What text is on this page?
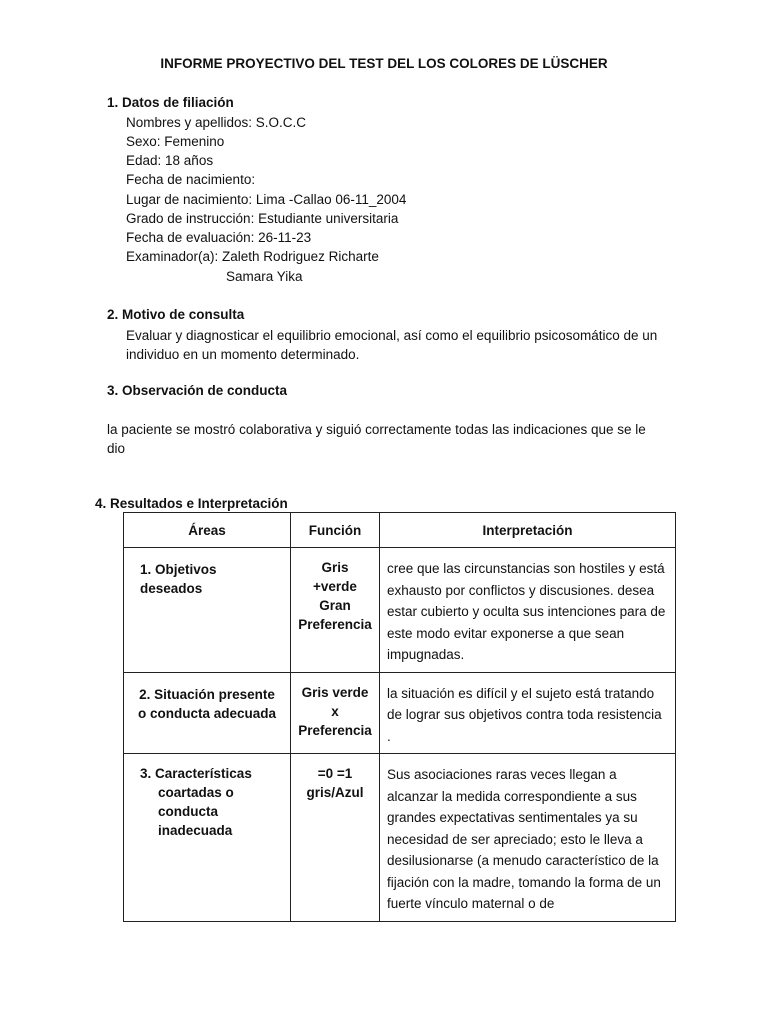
INFORME PROYECTIVO DEL TEST DEL LOS COLORES DE LÜSCHER
1. Datos de filiación
Nombres y apellidos: S.O.C.C
Sexo: Femenino
Edad: 18 años
Fecha de nacimiento:
Lugar de nacimiento: Lima -Callao 06-11_2004
Grado de instrucción: Estudiante universitaria
Fecha de evaluación: 26-11-23
Examinador(a): Zaleth Rodriguez Richarte
Samara Yika
2. Motivo de consulta
Evaluar y diagnosticar el equilibrio emocional, así como el equilibrio psicosomático de un individuo en un momento determinado.
3. Observación de conducta
la paciente se mostró colaborativa y siguió correctamente todas las indicaciones que se le dio
4. Resultados e Interpretación
Áreas	Función	Interpretación
1. Objetivos deseados	Gris
+verde
Gran
Preferencia	cree que las circunstancias son hostiles y está exhausto por conflictos y discusiones. desea estar cubierto y oculta sus intenciones para de este modo evitar exponerse a que sean impugnadas.
2. Situación presente o conducta adecuada	Gris verde
x
Preferencia	la situación es difícil y el sujeto está tratando de lograr sus objetivos contra toda resistencia .
3. Características
coartadas o conducta inadecuada	=0 =1
gris/Azul	Sus asociaciones raras veces llegan a alcanzar la medida correspondiente a sus grandes expectativas sentimentales ya su necesidad de ser apreciado; esto le lleva a desilusionarse (a menudo característico de la fijación con la madre, tomando la forma de un fuerte vínculo maternal o de
